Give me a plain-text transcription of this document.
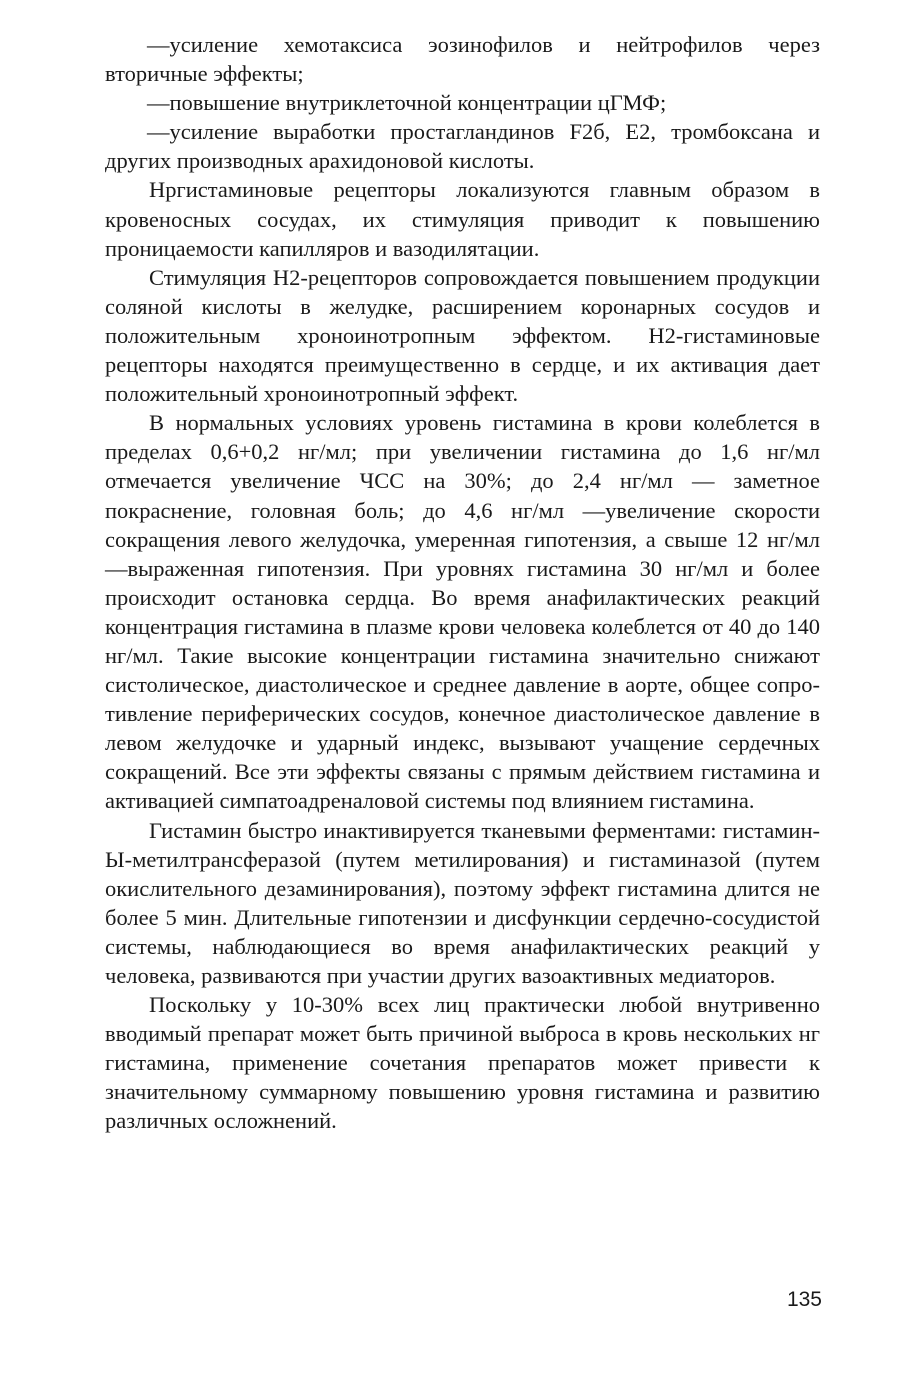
—усиление хемотаксиса эозинофилов и нейтрофилов через вторичные эффекты;

—повышение внутриклеточной концентрации цГМФ;

—усиление выработки простагландинов F2б, Е2, тромбоксана и других производных арахидоновой кислоты.

Нргистаминовые рецепторы локализуются главным образом в кровеносных сосудах, их стимуляция приводит к повышению проницаемости капилляров и вазодилятации.

Стимуляция Н2-рецепторов сопровождается повышением продукции соляной кислоты в желудке, расширением коронарных сосудов и положительным хроноинотропным эффектом. Н2-гистаминовые рецепторы находятся преимущественно в сердце, и их активация дает положительный хроноинотропный эффект.

В нормальных условиях уровень гистамина в крови колеблется в пределах 0,6+0,2 нг/мл; при увеличении гистамина до 1,6 нг/мл отмечается увеличение ЧСС на 30%; до 2,4 нг/мл — заметное покраснение, головная боль; до 4,6 нг/мл —увеличение скорости сокращения левого желудочка, умеренная гипотензия, а свыше 12 нг/мл —выраженная гипотензия. При уровнях гистамина 30 нг/мл и более происходит остановка сердца. Во время анафилактических реакций концентрация гистамина в плазме крови человека колеблется от 40 до 140 нг/мл. Такие высокие концентрации гистамина значительно снижают систолическое, диастолическое и среднее давление в аорте, общее сопротивление периферических сосудов, конечное диастолическое давление в левом желудочке и ударный индекс, вызывают учащение сердечных сокращений. Все эти эффекты связаны с прямым действием гистамина и активацией симпатоадреналовой системы под влиянием гистамина.

Гистамин быстро инактивируется тканевыми ферментами: гистамин-Ы-метилтрансферазой (путем метилирования) и гистаминазой (путем окислительного дезаминирования), поэтому эффект гистамина длится не более 5 мин. Длительные гипотензии и дисфункции сердечно-сосудистой системы, наблюдающиеся во время анафилактических реакций у человека, развиваются при участии других вазоактивных медиаторов.

Поскольку у 10-30% всех лиц практически любой внутривенно вводимый препарат может быть причиной выброса в кровь нескольких нг гистамина, применение сочетания препаратов может привести к значительному суммарному повышению уровня гистамина и развитию различных осложнений.

135
